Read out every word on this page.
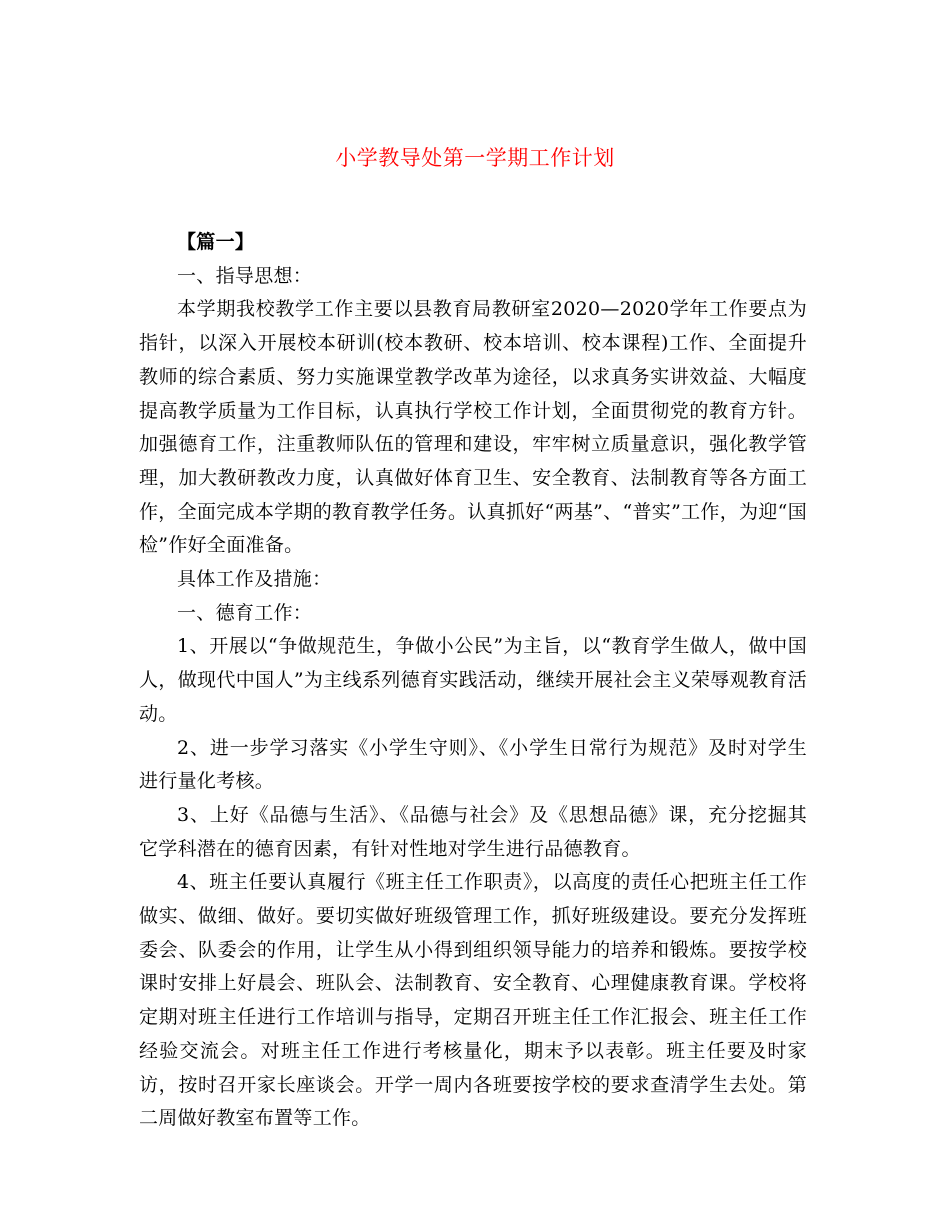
小学教导处第一学期工作计划

【篇一】

一、指导思想：

本学期我校教学工作主要以县教育局教研室2020—2020学年工作要点为指针，以深入开展校本研训(校本教研、校本培训、校本课程)工作、全面提升教师的综合素质、努力实施课堂教学改革为途径，以求真务实讲效益、大幅度提高教学质量为工作目标，认真执行学校工作计划，全面贯彻党的教育方针。加强德育工作，注重教师队伍的管理和建设，牢牢树立质量意识，强化教学管理，加大教研教改力度，认真做好体育卫生、安全教育、法制教育等各方面工作，全面完成本学期的教育教学任务。认真抓好“两基”、“普实”工作，为迎“国检”作好全面准备。

具体工作及措施：

一、德育工作：

1、开展以“争做规范生，争做小公民”为主旨，以“教育学生做人，做中国人，做现代中国人”为主线系列德育实践活动，继续开展社会主义荣辱观教育活动。

2、进一步学习落实《小学生守则》、《小学生日常行为规范》及时对学生进行量化考核。

3、上好《品德与生活》、《品德与社会》及《思想品德》课，充分挖掘其它学科潜在的德育因素，有针对性地对学生进行品德教育。

4、班主任要认真履行《班主任工作职责》，以高度的责任心把班主任工作做实、做细、做好。要切实做好班级管理工作，抓好班级建设。要充分发挥班委会、队委会的作用，让学生从小得到组织领导能力的培养和锻炼。要按学校课时安排上好晨会、班队会、法制教育、安全教育、心理健康教育课。学校将定期对班主任进行工作培训与指导，定期召开班主任工作汇报会、班主任工作经验交流会。对班主任工作进行考核量化，期末予以表彰。班主任要及时家访，按时召开家长座谈会。开学一周内各班要按学校的要求查清学生去处。第二周做好教室布置等工作。
